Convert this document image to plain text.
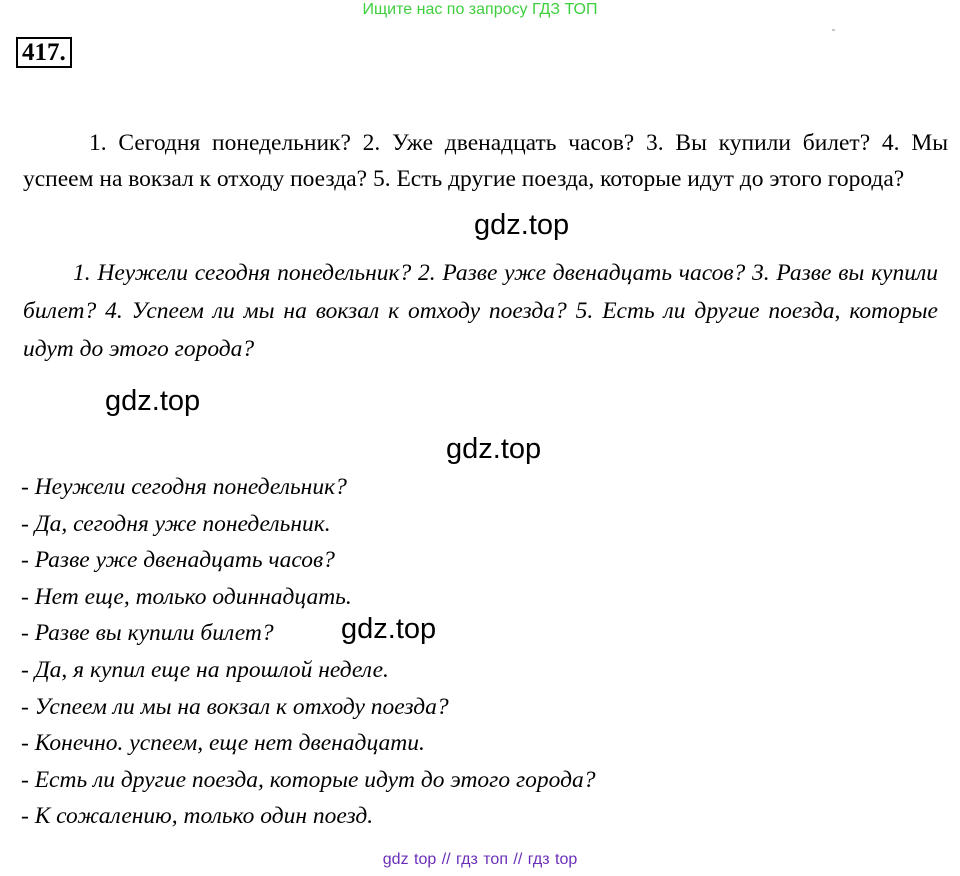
Ищите нас по запросу ГДЗ ТОП
417.

1. Сегодня понедельник? 2. Уже двенадцать часов? 3. Вы купили билет? 4. Мы успеем на вокзал к отходу поезда? 5. Есть другие поезда, которые идут до этого города?

gdz.top

1. Неужели сегодня понедельник? 2. Разве уже двенадцать часов? 3. Разве вы купили билет? 4. Успеем ли мы на вокзал к отходу поезда? 5. Есть ли другие поезда, которые идут до этого города?

gdz.top
gdz.top
- Неужели сегодня понедельник?
- Да, сегодня уже понедельник.
- Разве уже двенадцать часов?
- Нет еще, только одиннадцать.
- Разве вы купили билет?
- Да, я купил еще на прошлой неделе.
- Успеем ли мы на вокзал к отходу поезда?
- Конечно. успеем, еще нет двенадцати.
- Есть ли другие поезда, которые идут до этого города?
- К сожалению, только один поезд.
gdz.top
gdz top // гдз топ // гдз top
